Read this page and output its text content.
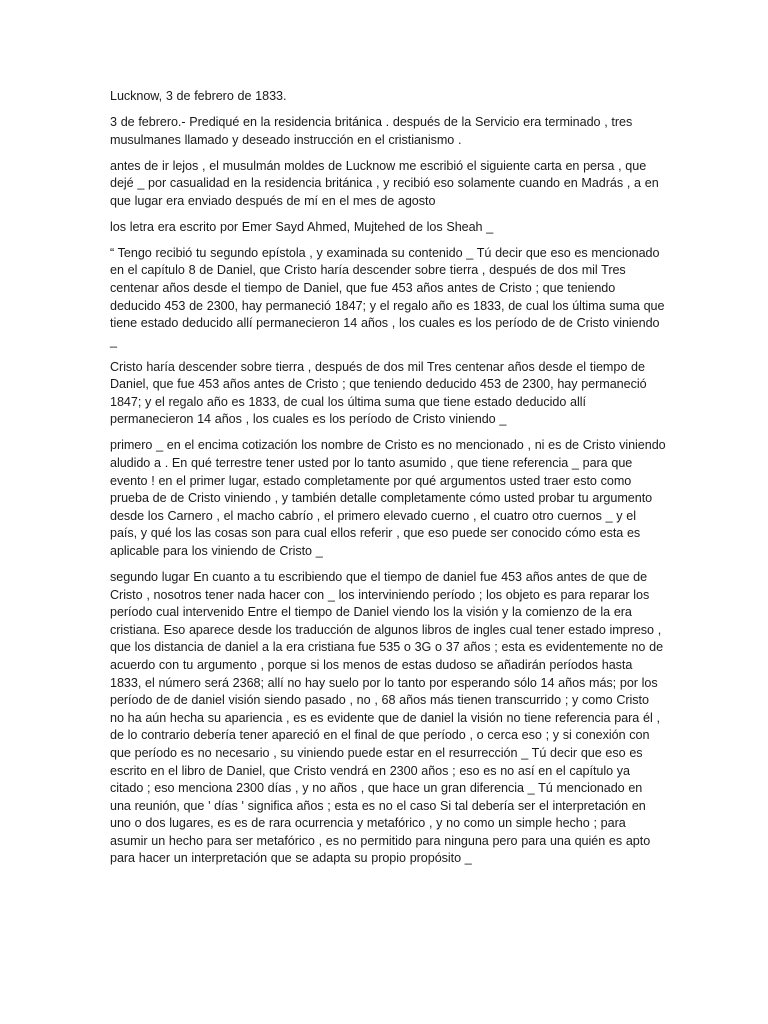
Lucknow, 3 de febrero de 1833.

3 de febrero.- Prediqué en la residencia británica . después de la Servicio era terminado , tres musulmanes llamado y deseado instrucción en el cristianismo .

antes de ir lejos , el musulmán moldes de Lucknow me escribió el siguiente carta en persa , que dejé _ por casualidad en la residencia británica , y recibió eso solamente cuando en Madrás , a en que lugar era enviado después de mí en el mes de agosto

los letra era escrito por Emer Sayd Ahmed, Mujtehed de los Sheah _

“ Tengo recibió tu segundo epístola , y examinada su contenido _ Tú decir que eso es mencionado en el capítulo 8 de Daniel, que Cristo haría descender sobre tierra , después de dos mil Tres centenar años desde el tiempo de Daniel, que fue 453 años antes de Cristo ; que teniendo deducido 453 de 2300, hay permaneció 1847; y el regalo año es 1833, de cual los última suma que tiene estado deducido allí permanecieron 14 años , los cuales es los período de de Cristo viniendo _

Cristo haría descender sobre tierra , después de dos mil Tres centenar años desde el tiempo de Daniel, que fue 453 años antes de Cristo ; que teniendo deducido 453 de 2300, hay permaneció 1847; y el regalo año es 1833, de cual los última suma que tiene estado deducido allí permanecieron 14 años , los cuales es los período de Cristo viniendo _

primero _ en el encima cotización los nombre de Cristo es no mencionado , ni es de Cristo viniendo aludido a . En qué terrestre tener usted por lo tanto asumido , que tiene referencia _ para que evento ! en el primer lugar, estado completamente por qué argumentos usted traer esto como prueba de de Cristo viniendo , y también detalle completamente cómo usted probar tu argumento desde los Carnero , el macho cabrío , el primero elevado cuerno , el cuatro otro cuernos _ y el país, y qué los las cosas son para cual ellos referir , que eso puede ser conocido cómo esta es aplicable para los viniendo de Cristo _

segundo lugar En cuanto a tu escribiendo que el tiempo de daniel fue 453 años antes de que de Cristo , nosotros tener nada hacer con _ los interviniendo período ; los objeto es para reparar los período cual intervenido Entre el tiempo de Daniel viendo los la visión y la comienzo de la era cristiana. Eso aparece desde los traducción de algunos libros de ingles cual tener estado impreso , que los distancia de daniel a la era cristiana fue 535 o 3G o 37 años ; esta es evidentemente no de acuerdo con tu argumento , porque si los menos de estas dudoso se añadirán períodos hasta 1833, el número será 2368; allí no hay suelo por lo tanto por esperando sólo 14 años más; por los período de de daniel visión siendo pasado , no , 68 años más tienen transcurrido ; y como Cristo no ha aún hecha su apariencia , es es evidente que de daniel la visión no tiene referencia para él , de lo contrario debería tener apareció en el final de que período , o cerca eso ; y si conexión con que período es no necesario , su viniendo puede estar en el resurrección _ Tú decir que eso es escrito en el libro de Daniel, que Cristo vendrá en 2300 años ; eso es no así en el capítulo ya citado ; eso menciona 2300 días , y no años , que hace un gran diferencia _ Tú mencionado en una reunión, que ' días ' significa años ; esta es no el caso Si tal debería ser el interpretación en uno o dos lugares, es es de rara ocurrencia y metafórico , y no como un simple hecho ; para asumir un hecho para ser metafórico , es no permitido para ninguna pero para una quién es apto para hacer un interpretación que se adapta su propio propósito _
